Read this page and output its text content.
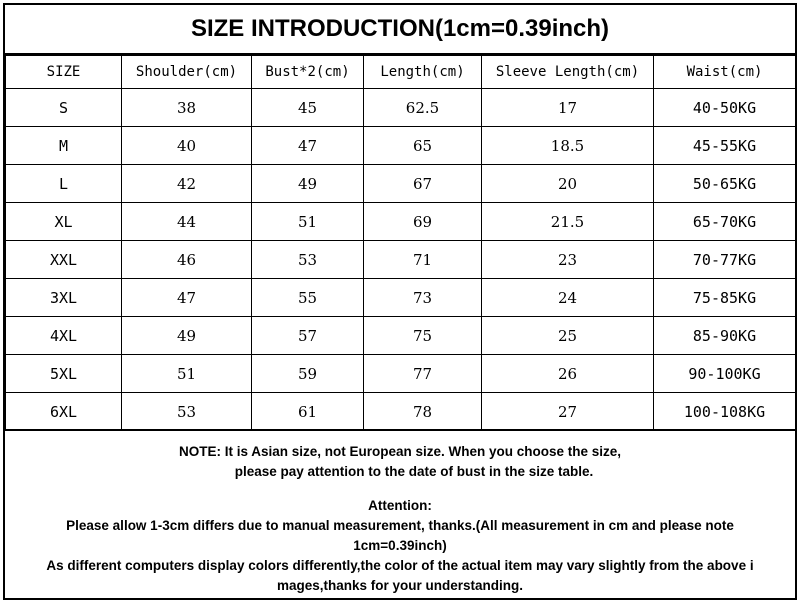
SIZE INTRODUCTION(1cm=0.39inch)
SIZE	Shoulder(cm)	Bust*2(cm)	Length(cm)	Sleeve Length(cm)	Waist(cm)
S	38	45	62.5	17	40-50KG
M	40	47	65	18.5	45-55KG
L	42	49	67	20	50-65KG
XL	44	51	69	21.5	65-70KG
XXL	46	53	71	23	70-77KG
3XL	47	55	73	24	75-85KG
4XL	49	57	75	25	85-90KG
5XL	51	59	77	26	90-100KG
6XL	53	61	78	27	100-108KG

NOTE: It is Asian size, not European size. When you choose the size,

please pay attention to the date of bust in the size table.

Attention:

Please allow 1-3cm differs due to manual measurement, thanks.(All measurement in cm and please note

1cm=0.39inch)

As different computers display colors differently,the color of the actual item may vary slightly from the above i

mages,thanks for your understanding.
